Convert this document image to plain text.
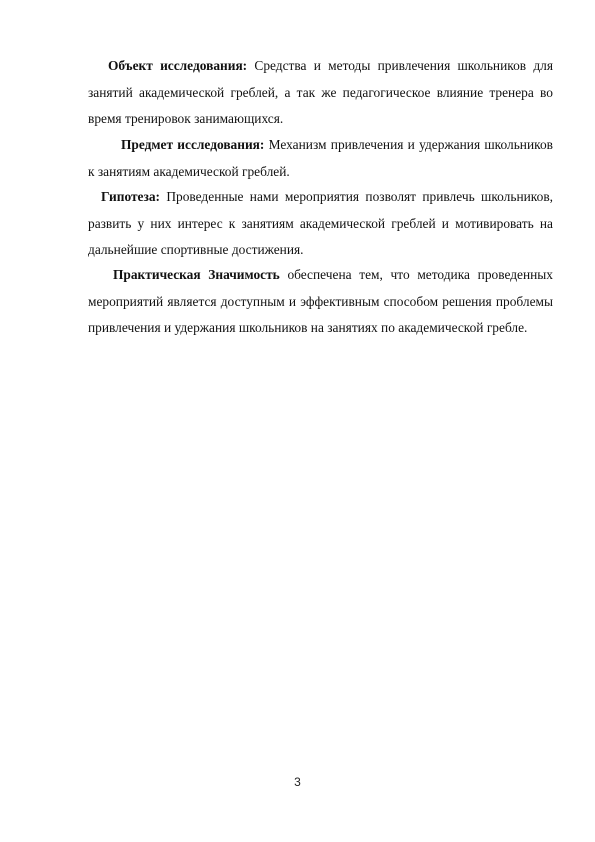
Объект исследования: Средства и методы привлечения школьников для занятий академической греблей, а так же педагогическое влияние тренера во время тренировок занимающихся.

Предмет исследования: Механизм привлечения и удержания школьников к занятиям академической греблей.

Гипотеза: Проведенные нами мероприятия позволят привлечь школьников, развить у них интерес к занятиям академической греблей и мотивировать на дальнейшие спортивные достижения.

Практическая Значимость обеспечена тем, что методика проведенных мероприятий является доступным и эффективным способом решения проблемы привлечения и удержания школьников на занятиях по академической гребле.

3
